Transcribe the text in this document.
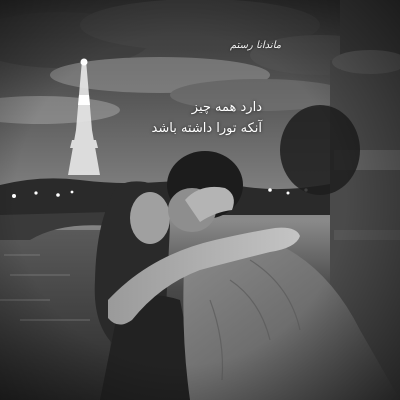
ماندانا رستم
دارد همه چیز
آنکه تورا داشته باشد
